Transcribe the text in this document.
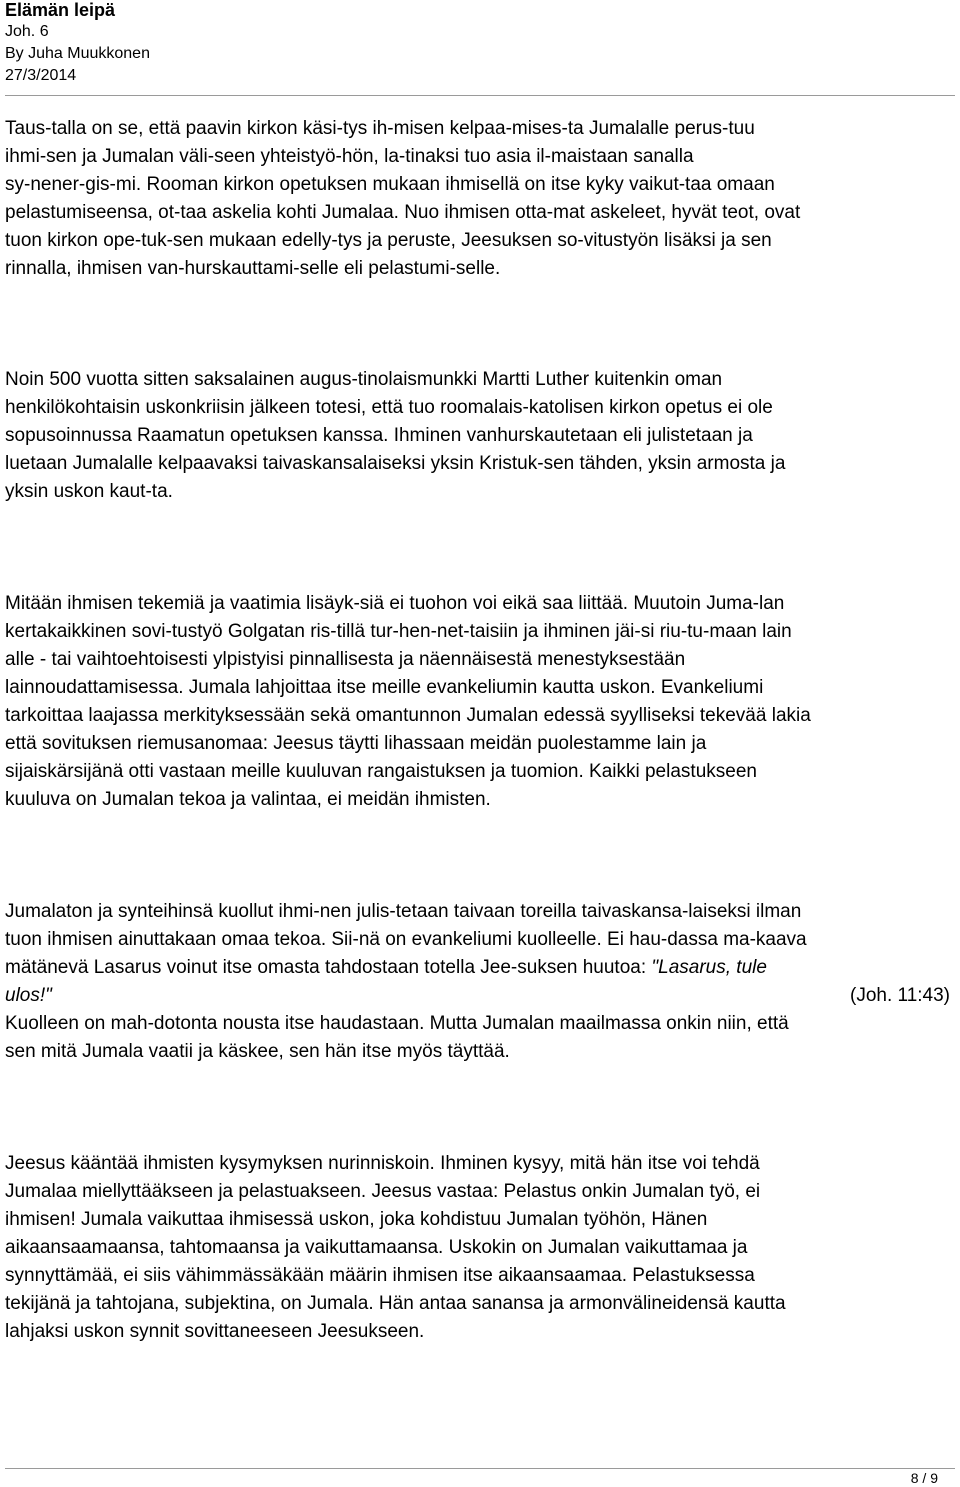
Elämän leipä

Joh. 6

By Juha Muukkonen

27/3/2014

Taus-talla on se, että paavin kirkon käsi-tys ih-misen kelpaa-mises-ta Jumalalle perus-tuu
ihmi-sen ja Jumalan väli-seen yhteistyö-hön, la-tinaksi tuo asia il-maistaan sanalla
sy-nener-gis-mi. Rooman kirkon opetuksen mukaan ihmisellä on itse kyky vaikut-taa omaan
pelastumiseensa, ot-taa askelia kohti Jumalaa. Nuo ihmisen otta-mat askeleet, hyvät teot, ovat
tuon kirkon ope-tuk-sen mukaan edelly-tys ja peruste, Jeesuksen so-vitustyön lisäksi ja sen
rinnalla, ihmisen van-hurskauttami-selle eli pelastumi-selle.

Noin 500 vuotta sitten saksalainen augus-tinolaismunkki Martti Luther kuitenkin oman
henkilökohtaisin uskonkriisin jälkeen totesi, että tuo roomalais-katolisen kirkon opetus ei ole
sopusoinnussa Raamatun opetuksen kanssa. Ihminen vanhurskautetaan eli julistetaan ja
luetaan Jumalalle kelpaavaksi taivaskansalaiseksi yksin Kristuk-sen tähden, yksin armosta ja
yksin uskon kaut-ta.

Mitään ihmisen tekemiä ja vaatimia lisäyk-siä ei tuohon voi eikä saa liittää. Muutoin Juma-lan
kertakaikkinen sovi-tustyö Golgatan ris-tillä tur-hen-net-taisiin ja ihminen jäi-si riu-tu-maan lain
alle - tai vaihtoehtoisesti ylpistyisi pinnallisesta ja näennäisestä menestyksestään
lainnoudattamisessa. Jumala lahjoittaa itse meille evankeliumin kautta uskon. Evankeliumi
tarkoittaa laajassa merkityksessään sekä omantunnon Jumalan edessä syylliseksi tekevää lakia
että sovituksen riemusanomaa: Jeesus täytti lihassaan meidän puolestamme lain ja
sijaiskärsijänä otti vastaan meille kuuluvan rangaistuksen ja tuomion. Kaikki pelastukseen
kuuluva on Jumalan tekoa ja valintaa, ei meidän ihmisten.

Jumalaton ja synteihinsä kuollut ihmi-nen julis-tetaan taivaan toreilla taivaskansa-laiseksi ilman
tuon ihmisen ainuttakaan omaa tekoa. Sii-nä on evankeliumi kuolleelle. Ei hau-dassa ma-kaava
mätänevä Lasarus voinut itse omasta tahdostaan totella Jee-suksen huutoa: "Lasarus, tule
ulos!"	(Joh. 11:43)
Kuolleen on mah-dotonta nousta itse haudastaan. Mutta Jumalan maailmassa onkin niin, että
sen mitä Jumala vaatii ja käskee, sen hän itse myös täyttää.

Jeesus kääntää ihmisten kysymyksen nurinniskoin. Ihminen kysyy, mitä hän itse voi tehdä
Jumalaa miellyttääkseen ja pelastuakseen. Jeesus vastaa: Pelastus onkin Jumalan työ, ei
ihmisen! Jumala vaikuttaa ihmisessä uskon, joka kohdistuu Jumalan työhön, Hänen
aikaansaamaansa, tahtomaansa ja vaikuttamaansa. Uskokin on Jumalan vaikuttamaa ja
synnyttämää, ei siis vähimmässäkään määrin ihmisen itse aikaansaamaa. Pelastuksessa
tekijänä ja tahtojana, subjektina, on Jumala. Hän antaa sanansa ja armonvälineidensä kautta
lahjaksi uskon synnit sovittaneeseen Jeesukseen.

8 / 9
